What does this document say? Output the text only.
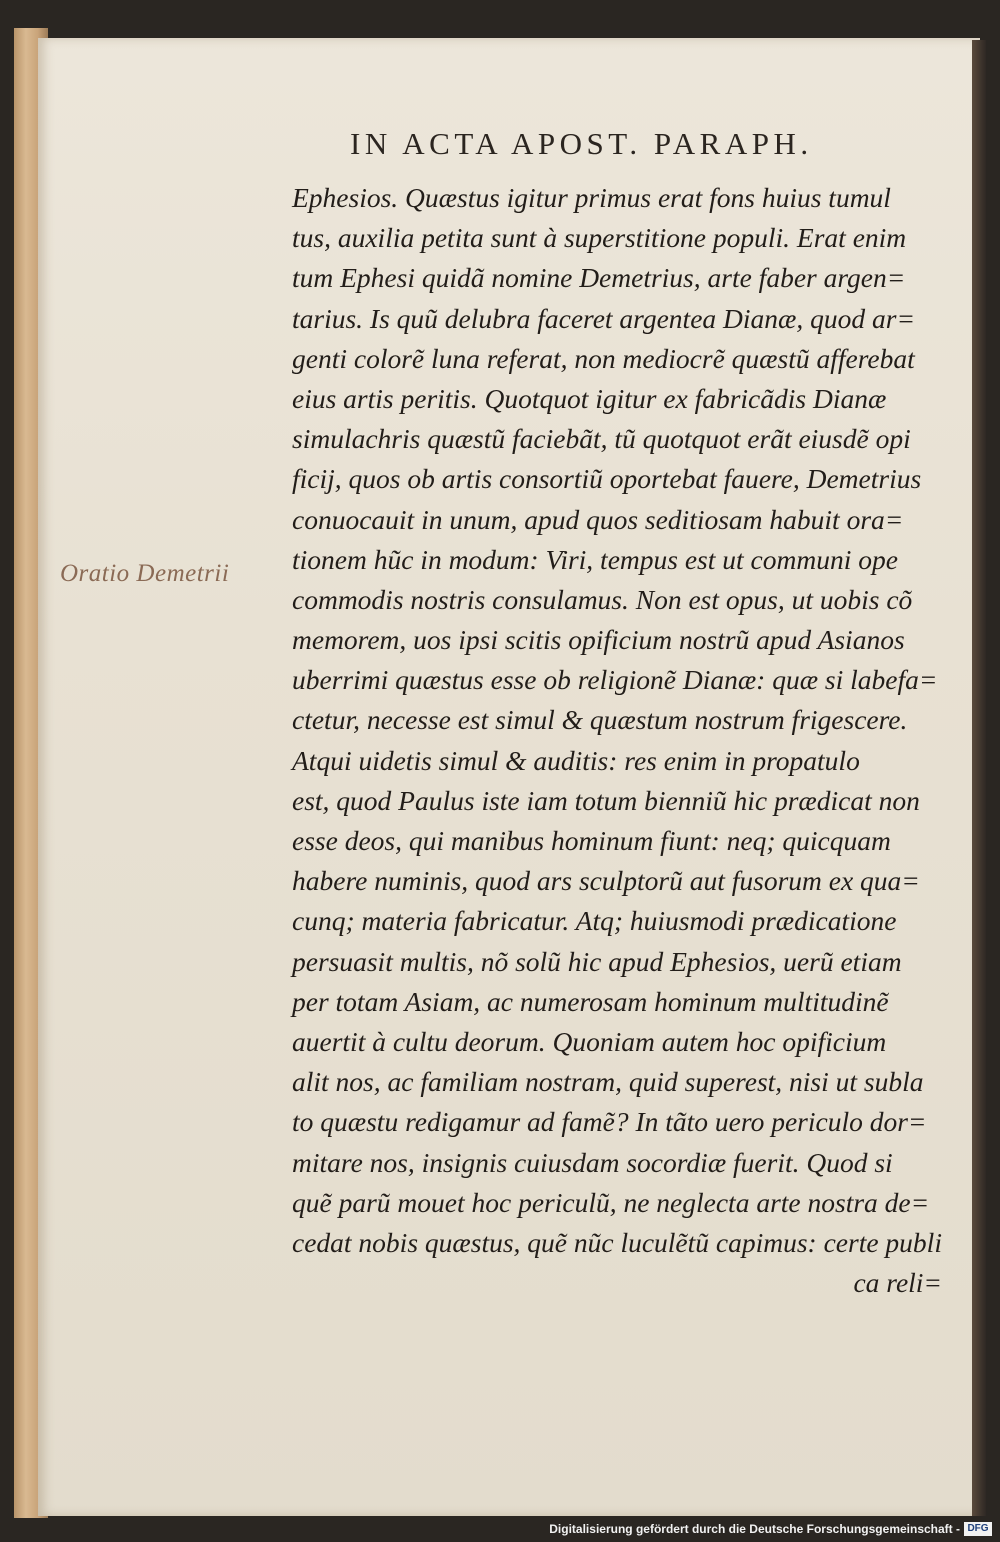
IN ACTA APOST. PARAPH.
Oratio Demetrii
Ephesios. Quæstus igitur primus erat fons huius tumul
tus, auxilia petita sunt à superstitione populi. Erat enim
tum Ephesi quidã nomine Demetrius, arte faber argen=
tarius. Is quũ delubra faceret argentea Dianæ, quod ar=
genti colorẽ luna referat, non mediocrẽ quæstũ afferebat
eius artis peritis. Quotquot igitur ex fabricãdis Dianæ
simulachris quæstũ faciebãt, tũ quotquot erãt eiusdẽ opi
ficij, quos ob artis consortiũ oportebat fauere, Demetrius
conuocauit in unum, apud quos seditiosam habuit ora=
tionem hũc in modum: Viri, tempus est ut communi ope
commodis nostris consulamus. Non est opus, ut uobis cõ
memorem, uos ipsi scitis opificium nostrũ apud Asianos
uberrimi quæstus esse ob religionẽ Dianæ: quæ si labefa=
ctetur, necesse est simul & quæstum nostrum frigescere.
Atqui uidetis simul & auditis: res enim in propatulo
est, quod Paulus iste iam totum bienniũ hic prædicat non
esse deos, qui manibus hominum fiunt: neq; quicquam
habere numinis, quod ars sculptorũ aut fusorum ex qua=
cunq; materia fabricatur. Atq; huiusmodi prædicatione
persuasit multis, nõ solũ hic apud Ephesios, uerũ etiam
per totam Asiam, ac numerosam hominum multitudinẽ
auertit à cultu deorum. Quoniam autem hoc opificium
alit nos, ac familiam nostram, quid superest, nisi ut subla
to quæstu redigamur ad famẽ? In tãto uero periculo dor=
mitare nos, insignis cuiusdam socordiæ fuerit. Quod si
quẽ parũ mouet hoc periculũ, ne neglecta arte nostra de=
cedat nobis quæstus, quẽ nũc luculẽtũ capimus: certe publi
ca reli=
Digitalisierung gefördert durch die Deutsche Forschungsgemeinschaft - DFG
